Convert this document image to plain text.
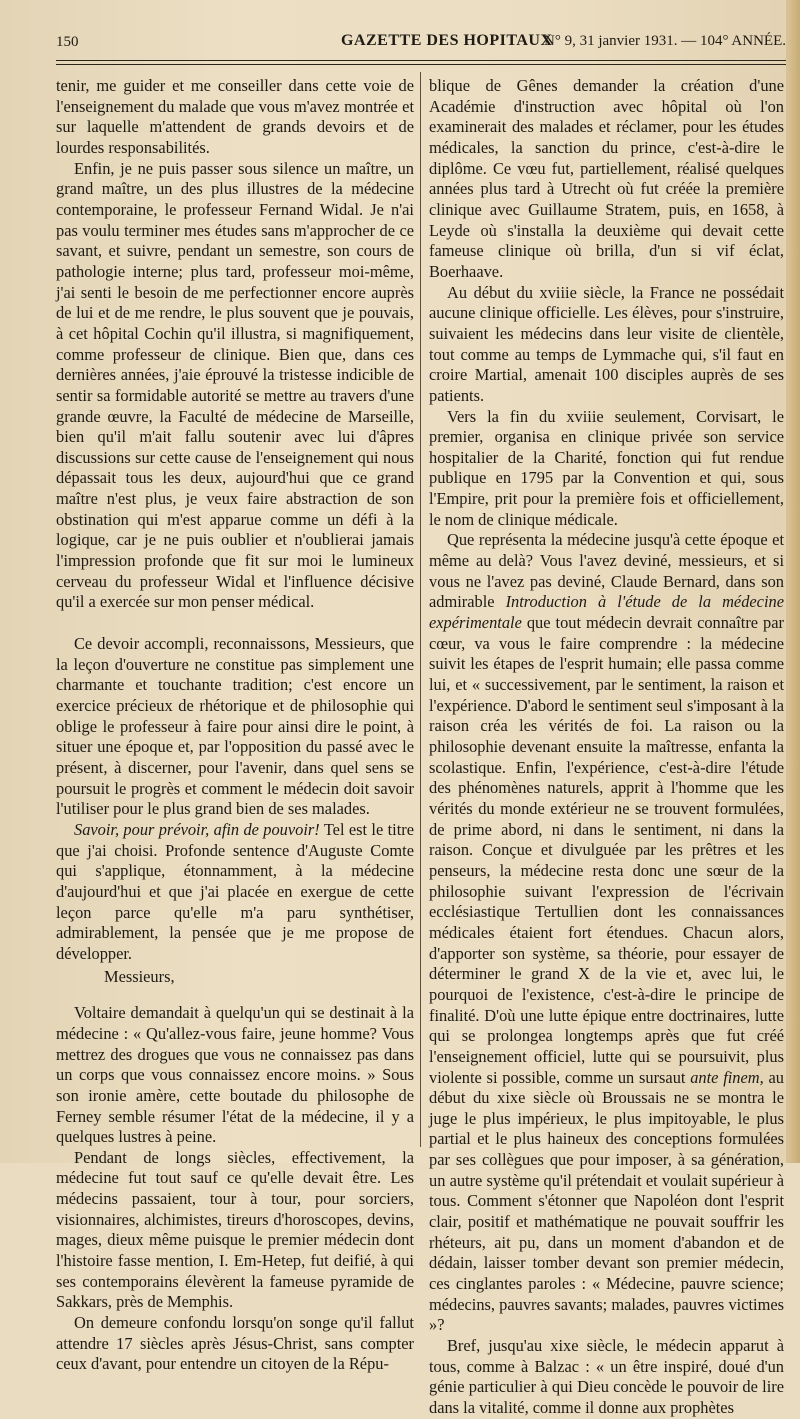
150	GAZETTE DES HOPITAUX
N° 9, 31 janvier 1931. — 104° ANNÉE.

tenir, me guider et me conseiller dans cette voie de l'enseignement du malade que vous m'avez montrée et sur laquelle m'attendent de grands devoirs et de lourdes responsabilités.

Enfin, je ne puis passer sous silence un maître, un grand maître, un des plus illustres de la médecine contemporaine, le professeur Fernand Widal. Je n'ai pas voulu terminer mes études sans m'approcher de ce savant, et suivre, pendant un semestre, son cours de pathologie interne; plus tard, professeur moi-même, j'ai senti le besoin de me perfectionner encore auprès de lui et de me rendre, le plus souvent que je pouvais, à cet hôpital Cochin qu'il illustra, si magnifiquement, comme professeur de clinique. Bien que, dans ces dernières années, j'aie éprouvé la tristesse indicible de sentir sa formidable autorité se mettre au travers d'une grande œuvre, la Faculté de médecine de Marseille, bien qu'il m'ait fallu soutenir avec lui d'âpres discussions sur cette cause de l'enseignement qui nous dépassait tous les deux, aujourd'hui que ce grand maître n'est plus, je veux faire abstraction de son obstination qui m'est apparue comme un défi à la logique, car je ne puis oublier et n'oublierai jamais l'impression profonde que fit sur moi le lumineux cerveau du professeur Widal et l'influence décisive qu'il a exercée sur mon penser médical.

Ce devoir accompli, reconnaissons, Messieurs, que la leçon d'ouverture ne constitue pas simplement une charmante et touchante tradition; c'est encore un exercice précieux de rhétorique et de philosophie qui oblige le professeur à faire pour ainsi dire le point, à situer une époque et, par l'opposition du passé avec le présent, à discerner, pour l'avenir, dans quel sens se poursuit le progrès et comment le médecin doit savoir l'utiliser pour le plus grand bien de ses malades.

Savoir, pour prévoir, afin de pouvoir! Tel est le titre que j'ai choisi. Profonde sentence d'Auguste Comte qui s'applique, étonnamment, à la médecine d'aujourd'hui et que j'ai placée en exergue de cette leçon parce qu'elle m'a paru synthétiser, admirablement, la pensée que je me propose de développer.

Messieurs,

Voltaire demandait à quelqu'un qui se destinait à la médecine : « Qu'allez-vous faire, jeune homme? Vous mettrez des drogues que vous ne connaissez pas dans un corps que vous connaissez encore moins. » Sous son ironie amère, cette boutade du philosophe de Ferney semble résumer l'état de la médecine, il y a quelques lustres à peine.

Pendant de longs siècles, effectivement, la médecine fut tout sauf ce qu'elle devait être. Les médecins passaient, tour à tour, pour sorciers, visionnaires, alchimistes, tireurs d'horoscopes, devins, mages, dieux même puisque le premier médecin dont l'histoire fasse mention, I. Em-Hetep, fut deifié, à qui ses contemporains élevèrent la fameuse pyramide de Sakkars, près de Memphis.

On demeure confondu lorsqu'on songe qu'il fallut attendre 17 siècles après Jésus-Christ, sans compter ceux d'avant, pour entendre un citoyen de la Répu-

blique de Gênes demander la création d'une Académie d'instruction avec hôpital où l'on examinerait des malades et réclamer, pour les études médicales, la sanction du prince, c'est-à-dire le diplôme. Ce vœu fut, partiellement, réalisé quelques années plus tard à Utrecht où fut créée la première clinique avec Guillaume Stratem, puis, en 1658, à Leyde où s'installa la deuxième qui devait cette fameuse clinique où brilla, d'un si vif éclat, Boerhaave.

Au début du xviiie siècle, la France ne possédait aucune clinique officielle. Les élèves, pour s'instruire, suivaient les médecins dans leur visite de clientèle, tout comme au temps de Lymmache qui, s'il faut en croire Martial, amenait 100 disciples auprès de ses patients.

Vers la fin du xviiie seulement, Corvisart, le premier, organisa en clinique privée son service hospitalier de la Charité, fonction qui fut rendue publique en 1795 par la Convention et qui, sous l'Empire, prit pour la première fois et officiellement, le nom de clinique médicale.

Que représenta la médecine jusqu'à cette époque et même au delà? Vous l'avez deviné, messieurs, et si vous ne l'avez pas deviné, Claude Bernard, dans son admirable Introduction à l'étude de la médecine expérimentale que tout médecin devrait connaître par cœur, va vous le faire comprendre : la médecine suivit les étapes de l'esprit humain; elle passa comme lui, et « successivement, par le sentiment, la raison et l'expérience. D'abord le sentiment seul s'imposant à la raison créa les vérités de foi. La raison ou la philosophie devenant ensuite la maîtresse, enfanta la scolastique. Enfin, l'expérience, c'est-à-dire l'étude des phénomènes naturels, apprit à l'homme que les vérités du monde extérieur ne se trouvent formulées, de prime abord, ni dans le sentiment, ni dans la raison. Conçue et divulguée par les prêtres et les penseurs, la médecine resta donc une sœur de la philosophie suivant l'expression de l'écrivain ecclésiastique Tertullien dont les connaissances médicales étaient fort étendues. Chacun alors, d'apporter son système, sa théorie, pour essayer de déterminer le grand X de la vie et, avec lui, le pourquoi de l'existence, c'est-à-dire le principe de finalité. D'où une lutte épique entre doctrinaires, lutte qui se prolongea longtemps après que fut créé l'enseignement officiel, lutte qui se poursuivit, plus violente si possible, comme un sursaut ante finem, au début du xixe siècle où Broussais ne se montra le juge le plus impérieux, le plus impitoyable, le plus partial et le plus haineux des conceptions formulées par ses collègues que pour imposer, à sa génération, un autre système qu'il prétendait et voulait supérieur à tous. Comment s'étonner que Napoléon dont l'esprit clair, positif et mathématique ne pouvait souffrir les rhéteurs, ait pu, dans un moment d'abandon et de dédain, laisser tomber devant son premier médecin, ces cinglantes paroles : « Médecine, pauvre science; médecins, pauvres savants; malades, pauvres victimes »?

Bref, jusqu'au xixe siècle, le médecin apparut à tous, comme à Balzac : « un être inspiré, doué d'un génie particulier à qui Dieu concède le pouvoir de lire dans la vitalité, comme il donne aux prophètes
